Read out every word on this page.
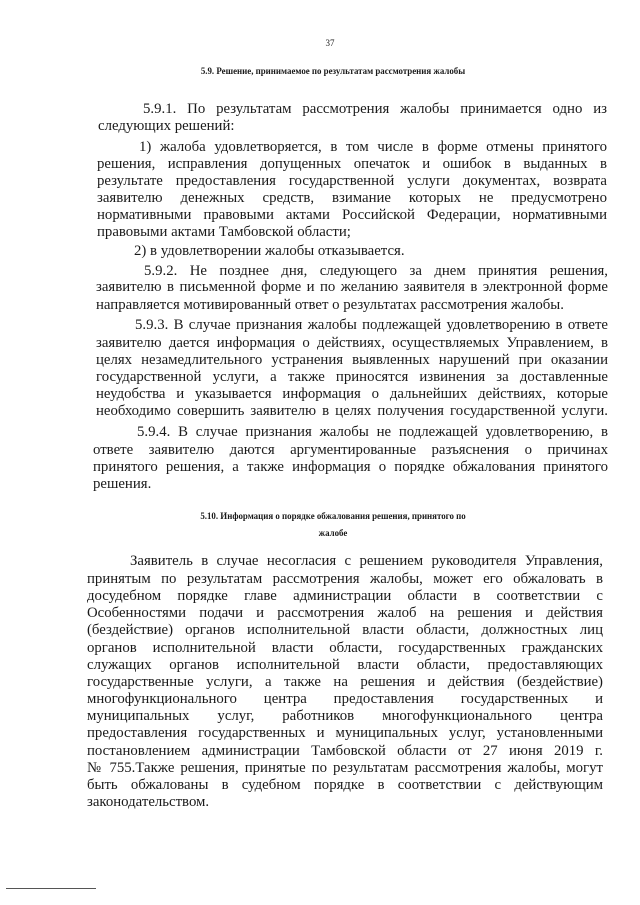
37

5.9. Решение, принимаемое по результатам рассмотрения жалобы

5.9.1. По результатам рассмотрения жалобы принимается одно из

следующих решений:

1) жалоба удовлетворяется, в том числе в форме отмены принятого

решения, исправления допущенных опечаток и ошибок в выданных в

результате предоставления государственной услуги документах, возврата

заявителю денежных средств, взимание которых не предусмотрено

нормативными правовыми актами Российской Федерации, нормативными

правовыми актами Тамбовской области;

2) в удовлетворении жалобы отказывается.

5.9.2. Не позднее дня, следующего за днем принятия решения,

заявителю в письменной форме и по желанию заявителя в электронной форме

направляется мотивированный ответ о результатах рассмотрения жалобы.

5.9.3. В случае признания жалобы подлежащей удовлетворению в ответе

заявителю дается информация о действиях, осуществляемых Управлением, в

целях незамедлительного устранения выявленных нарушений при оказании

государственной услуги, а также приносятся извинения за доставленные

неудобства и указывается информация о дальнейших действиях, которые

необходимо совершить заявителю в целях получения государственной услуги.

5.9.4. В случае признания жалобы не подлежащей удовлетворению, в

ответе заявителю даются аргументированные разъяснения о причинах

принятого решения, а также информация о порядке обжалования принятого

решения.

5.10. Информация о порядке обжалования решения, принятого по
жалобе

Заявитель в случае несогласия с решением руководителя Управления,

принятым по результатам рассмотрения жалобы, может его обжаловать в

досудебном порядке главе администрации области в соответствии с

Особенностями подачи и рассмотрения жалоб на решения и действия

(бездействие) органов исполнительной власти области, должностных лиц

органов исполнительной власти области, государственных гражданских

служащих органов исполнительной власти области, предоставляющих

государственные услуги, а также на решения и действия (бездействие)

многофункционального центра предоставления государственных и

муниципальных услуг, работников многофункционального центра

предоставления государственных и муниципальных услуг, установленными

постановлением администрации Тамбовской области от 27 июня 2019 г.

№ 755.Также решения, принятые по результатам рассмотрения жалобы, могут

быть обжалованы в судебном порядке в соответствии с действующим

законодательством.
